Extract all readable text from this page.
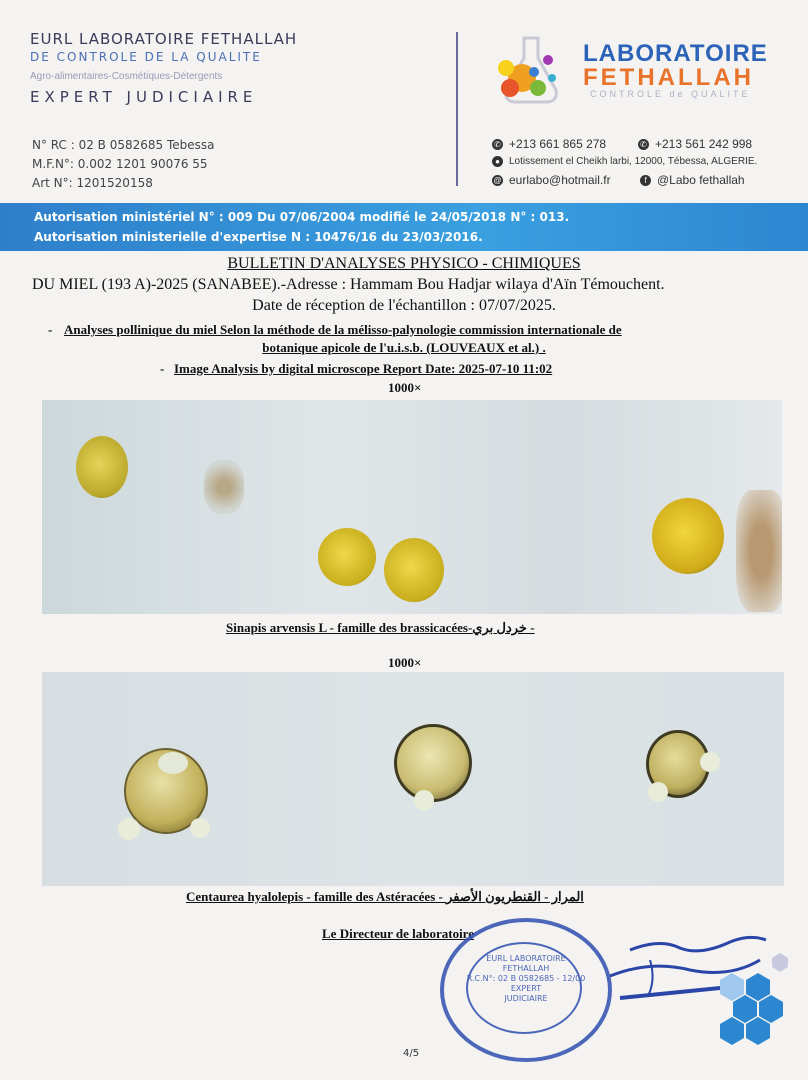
EURL LABORATOIRE FETHALLAH
DE CONTROLE DE LA QUALITE
Agro-alimentaires-Cosmétiques-Détergents
EXPERT JUDICIAIRE
N° RC : 02 B 0582685 Tebessa
M.F.N°: 0.002 1201 90076 55
Art N°: 1201520158
LABORATOIRE
FETHALLAH
CONTROLE de QUALITE
✆ +213 661 865 278	✆ +213 561 242 998
● Lotissement el Cheikh larbi, 12000, Tébessa, ALGERIE.
@ eurlabo@hotmail.fr	f @Labo fethallah
Autorisation ministériel N° : 009 Du 07/06/2004 modifié le 24/05/2018 N° : 013.
Autorisation ministerielle d'expertise N : 10476/16 du 23/03/2016.
BULLETIN D'ANALYSES PHYSICO - CHIMIQUES
DU MIEL (193 A)-2025 (SANABEE).-Adresse : Hammam Bou Hadjar wilaya d'Aïn Témouchent.
Date de réception de l'échantillon : 07/07/2025.
- Analyses pollinique du miel Selon la méthode de la mélisso-palynologie commission internationale de
botanique apicole de l'u.i.s.b. (LOUVEAUX et al.) .
- Image Analysis by digital microscope Report Date: 2025-07-10 11:02
1000×
Sinapis arvensis L - famille des brassicacées-خردل بري -
1000×
Centaurea hyalolepis - famille des Astéracées - المرار - القنطريون الأصفر
Le Directeur de laboratoire
EURL LABORATOIRE
FETHALLAH
R.C.N°: 02 B 0582685 - 12/00
EXPERT
JUDICIAIRE
4/5
